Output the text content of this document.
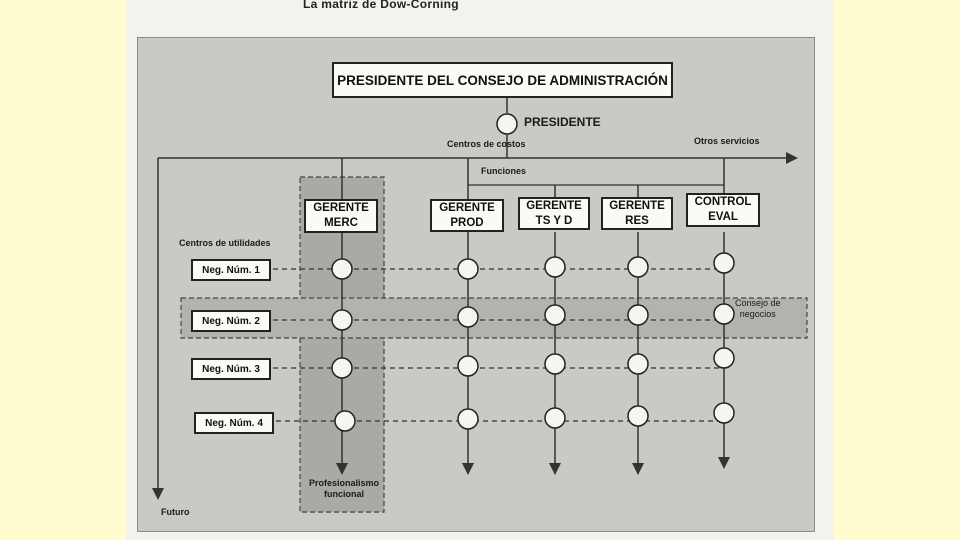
La matriz de Dow-Corning
PRESIDENTE DEL CONSEJO DE ADMINISTRACIÓN
PRESIDENTE
Centros de costos	Otros servicios
Funciones
GERENTE
MERC
GERENTE
PROD
GERENTE
TS Y D
GERENTE
RES
CONTROL
EVAL
Centros de utilidades
Neg. Núm. 1
Neg. Núm. 2
Neg. Núm. 3
Neg. Núm. 4
Consejo de
negocios
Profesionalismo
funcional
Futuro
